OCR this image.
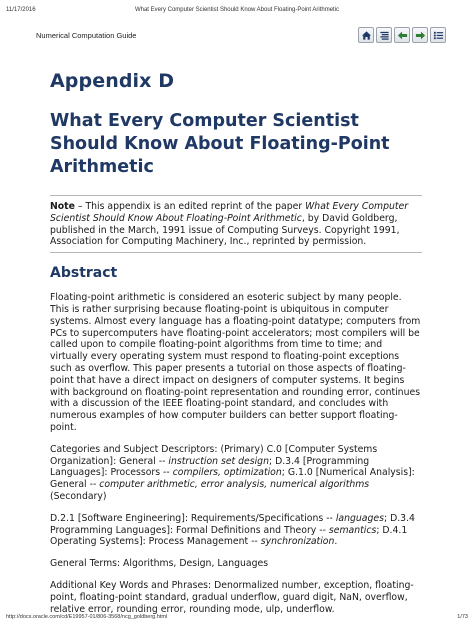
11/17/2016	What Every Computer Scientist Should Know About Floating-Point Arithmetic
Numerical Computation Guide
Appendix D
What Every Computer Scientist Should Know About Floating-Point Arithmetic
Note – This appendix is an edited reprint of the paper What Every Computer Scientist Should Know About Floating-Point Arithmetic, by David Goldberg, published in the March, 1991 issue of Computing Surveys. Copyright 1991, Association for Computing Machinery, Inc., reprinted by permission.
Abstract

Floating-point arithmetic is considered an esoteric subject by many people. This is rather surprising because floating-point is ubiquitous in computer systems. Almost every language has a floating-point datatype; computers from PCs to supercomputers have floating-point accelerators; most compilers will be called upon to compile floating-point algorithms from time to time; and virtually every operating system must respond to floating-point exceptions such as overflow. This paper presents a tutorial on those aspects of floating-point that have a direct impact on designers of computer systems. It begins with background on floating-point representation and rounding error, continues with a discussion of the IEEE floating-point standard, and concludes with numerous examples of how computer builders can better support floating-point.

Categories and Subject Descriptors: (Primary) C.0 [Computer Systems Organization]: General -- instruction set design; D.3.4 [Programming Languages]: Processors -- compilers, optimization; G.1.0 [Numerical Analysis]: General -- computer arithmetic, error analysis, numerical algorithms (Secondary)

D.2.1 [Software Engineering]: Requirements/Specifications -- languages; D.3.4 Programming Languages]: Formal Definitions and Theory -- semantics; D.4.1 Operating Systems]: Process Management -- synchronization.

General Terms: Algorithms, Design, Languages

Additional Key Words and Phrases: Denormalized number, exception, floating-point, floating-point standard, gradual underflow, guard digit, NaN, overflow, relative error, rounding error, rounding mode, ulp, underflow.

http://docs.oracle.com/cd/E19957-01/806-3568/ncg_goldberg.html	1/73
